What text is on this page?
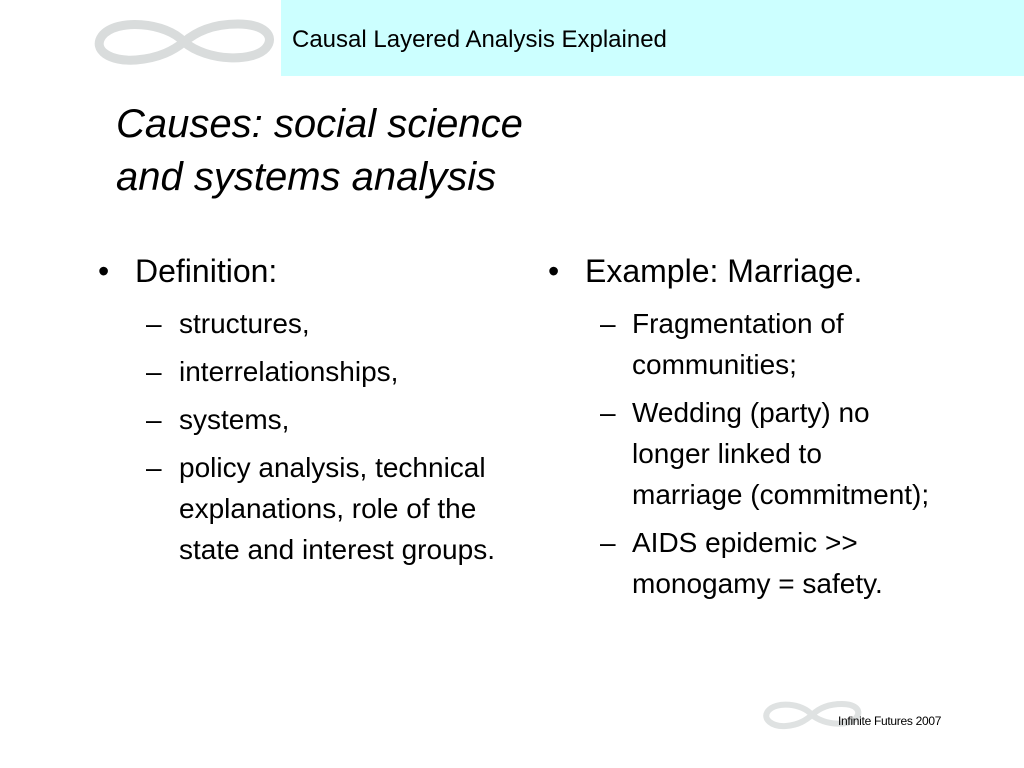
Causal Layered Analysis Explained
Causes: social science
and systems analysis
• Definition:
– structures,
– interrelationships,
– systems,
– policy analysis, technical explanations, role of the state and interest groups.
• Example: Marriage.
– Fragmentation of communities;
– Wedding (party) no longer linked to marriage (commitment);
– AIDS epidemic >> monogamy = safety.
Infinite Futures 2007
